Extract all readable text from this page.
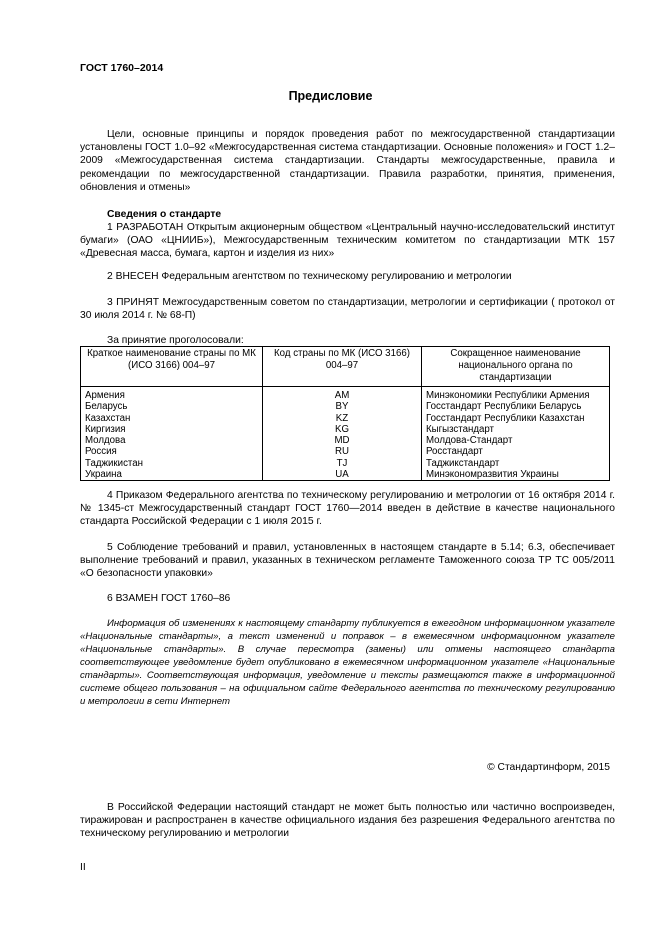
ГОСТ 1760–2014
Предисловие
Цели, основные принципы и порядок проведения работ по межгосударственной стандартизации установлены ГОСТ 1.0–92 «Межгосударственная система стандартизации. Основные положения» и ГОСТ 1.2–2009 «Межгосударственная система стандартизации. Стандарты межгосударственные, правила и рекомендации по межгосударственной стандартизации. Правила разработки, принятия, применения, обновления и отмены»
Сведения о стандарте
1 РАЗРАБОТАН Открытым акционерным обществом «Центральный научно-исследовательский институт бумаги» (ОАО «ЦНИИБ»), Межгосударственным техническим комитетом по стандартизации МТК 157 «Древесная масса, бумага, картон и изделия из них»
2 ВНЕСЕН Федеральным агентством по техническому регулированию и метрологии
3 ПРИНЯТ Межгосударственным советом по стандартизации, метрологии и сертификации ( протокол от 30 июля 2014 г. № 68-П)
За принятие проголосовали:
Краткое наименование страны по МК (ИСО 3166) 004–97	Код страны по МК (ИСО 3166) 004–97	Сокращенное наименование национального органа по стандартизации
Армения	AM	Минэкономики Республики Армения
Беларусь	BY	Госстандарт Республики Беларусь
Казахстан	KZ	Госстандарт Республики Казахстан
Киргизия	KG	Кыгызстандарт
Молдова	MD	Молдова-Стандарт
Россия	RU	Росстандарт
Таджикистан	TJ	Таджикстандарт
Украина	UA	Минэкономразвития Украины
4 Приказом Федерального агентства по техническому регулированию и метрологии от 16 октября 2014 г. № 1345-ст Межгосударственный стандарт ГОСТ 1760—2014 введен в действие в качестве национального стандарта Российской Федерации с 1 июля 2015 г.
5 Соблюдение требований и правил, установленных в настоящем стандарте в 5.14; 6.3, обеспечивает выполнение требований и правил, указанных в техническом регламенте Таможенного союза ТР ТС 005/2011 «О безопасности упаковки»
6 ВЗАМЕН ГОСТ 1760–86
Информация об изменениях к настоящему стандарту публикуется в ежегодном информационном указателе «Национальные стандарты», а текст изменений и поправок – в ежемесячном информационном указателе «Национальные стандарты». В случае пересмотра (замены) или отмены настоящего стандарта соответствующее уведомление будет опубликовано в ежемесячном информационном указателе «Национальные стандарты». Соответствующая информация, уведомление и тексты размещаются также в информационной системе общего пользования – на официальном сайте Федерального агентства по техническому регулированию и метрологии в сети Интернет
© Стандартинформ, 2015
В Российской Федерации настоящий стандарт не может быть полностью или частично воспроизведен, тиражирован и распространен в качестве официального издания без разрешения Федерального агентства по техническому регулированию и метрологии
II
